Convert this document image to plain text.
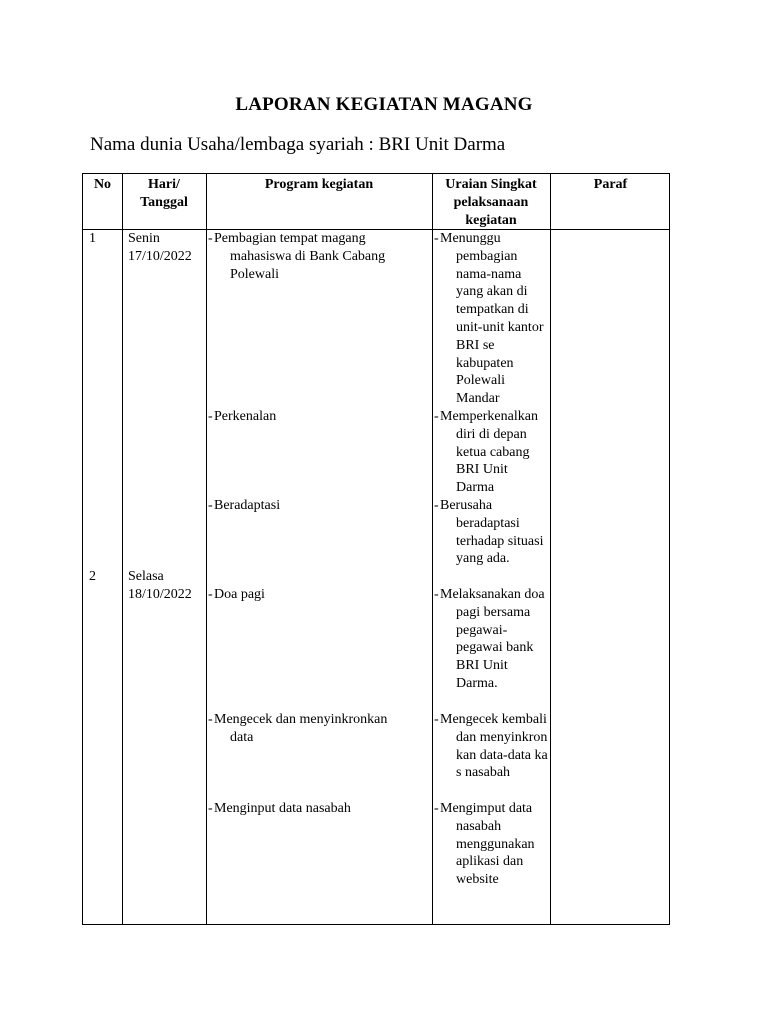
LAPORAN KEGIATAN MAGANG
Nama dunia Usaha/lembaga syariah : BRI Unit Darma
No	Hari/
Tanggal
Program kegiatan	Uraian Singkat pelaksanaan kegiatan
Paraf
1 Senin
17/10/2022
2 Selasa
18/10/2022
- Pembagian tempat magang mahasiswa di Bank Cabang Polewali
- Perkenalan
- Beradaptasi
- Doa pagi
- Mengecek dan menyinkronkan data
- Menginput data nasabah
- Menunggu pembagian nama-nama yang akan di tempatkan di unit-unit kantor BRI se kabupaten Polewali Mandar
- Memperkenalkan diri di depan ketua cabang BRI Unit Darma
- Berusaha beradaptasi terhadap situasi yang ada.
- Melaksanakan doa pagi bersama pegawai-pegawai bank BRI Unit Darma.
- Mengecek kembali dan menyinkronkan data-data kas nasabah
- Mengimput data nasabah menggunakan aplikasi dan website
